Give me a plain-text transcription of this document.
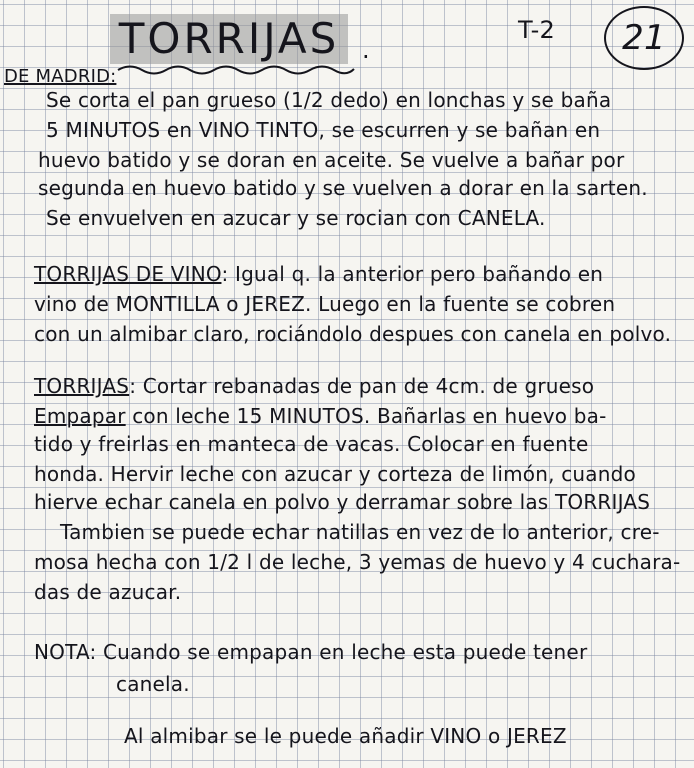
TORRIJAS .
T-2	21
DE MADRID:
Se corta el pan grueso (1/2 dedo) en lonchas y se baña
5 MINUTOS en VINO TINTO, se escurren y se bañan en
huevo batido y se doran en aceite. Se vuelve a bañar por
segunda en huevo batido y se vuelven a dorar en la sarten.
Se envuelven en azucar y se rocian con CANELA.
TORRIJAS DE VINO: Igual q. la anterior pero bañando en
vino de MONTILLA o JEREZ. Luego en la fuente se cobren
con un almibar claro, rociándolo despues con canela en polvo.
TORRIJAS: Cortar rebanadas de pan de 4cm. de grueso
Empapar con leche 15 MINUTOS. Bañarlas en huevo ba-
tido y freirlas en manteca de vacas. Colocar en fuente
honda. Hervir leche con azucar y corteza de limón, cuando
hierve echar canela en polvo y derramar sobre las TORRIJAS
Tambien se puede echar natillas en vez de lo anterior, cre-
mosa hecha con 1/2 l de leche, 3 yemas de huevo y 4 cuchara-
das de azucar.
NOTA: Cuando se empapan en leche esta puede tener
canela.
Al almibar se le puede añadir VINO o JEREZ
